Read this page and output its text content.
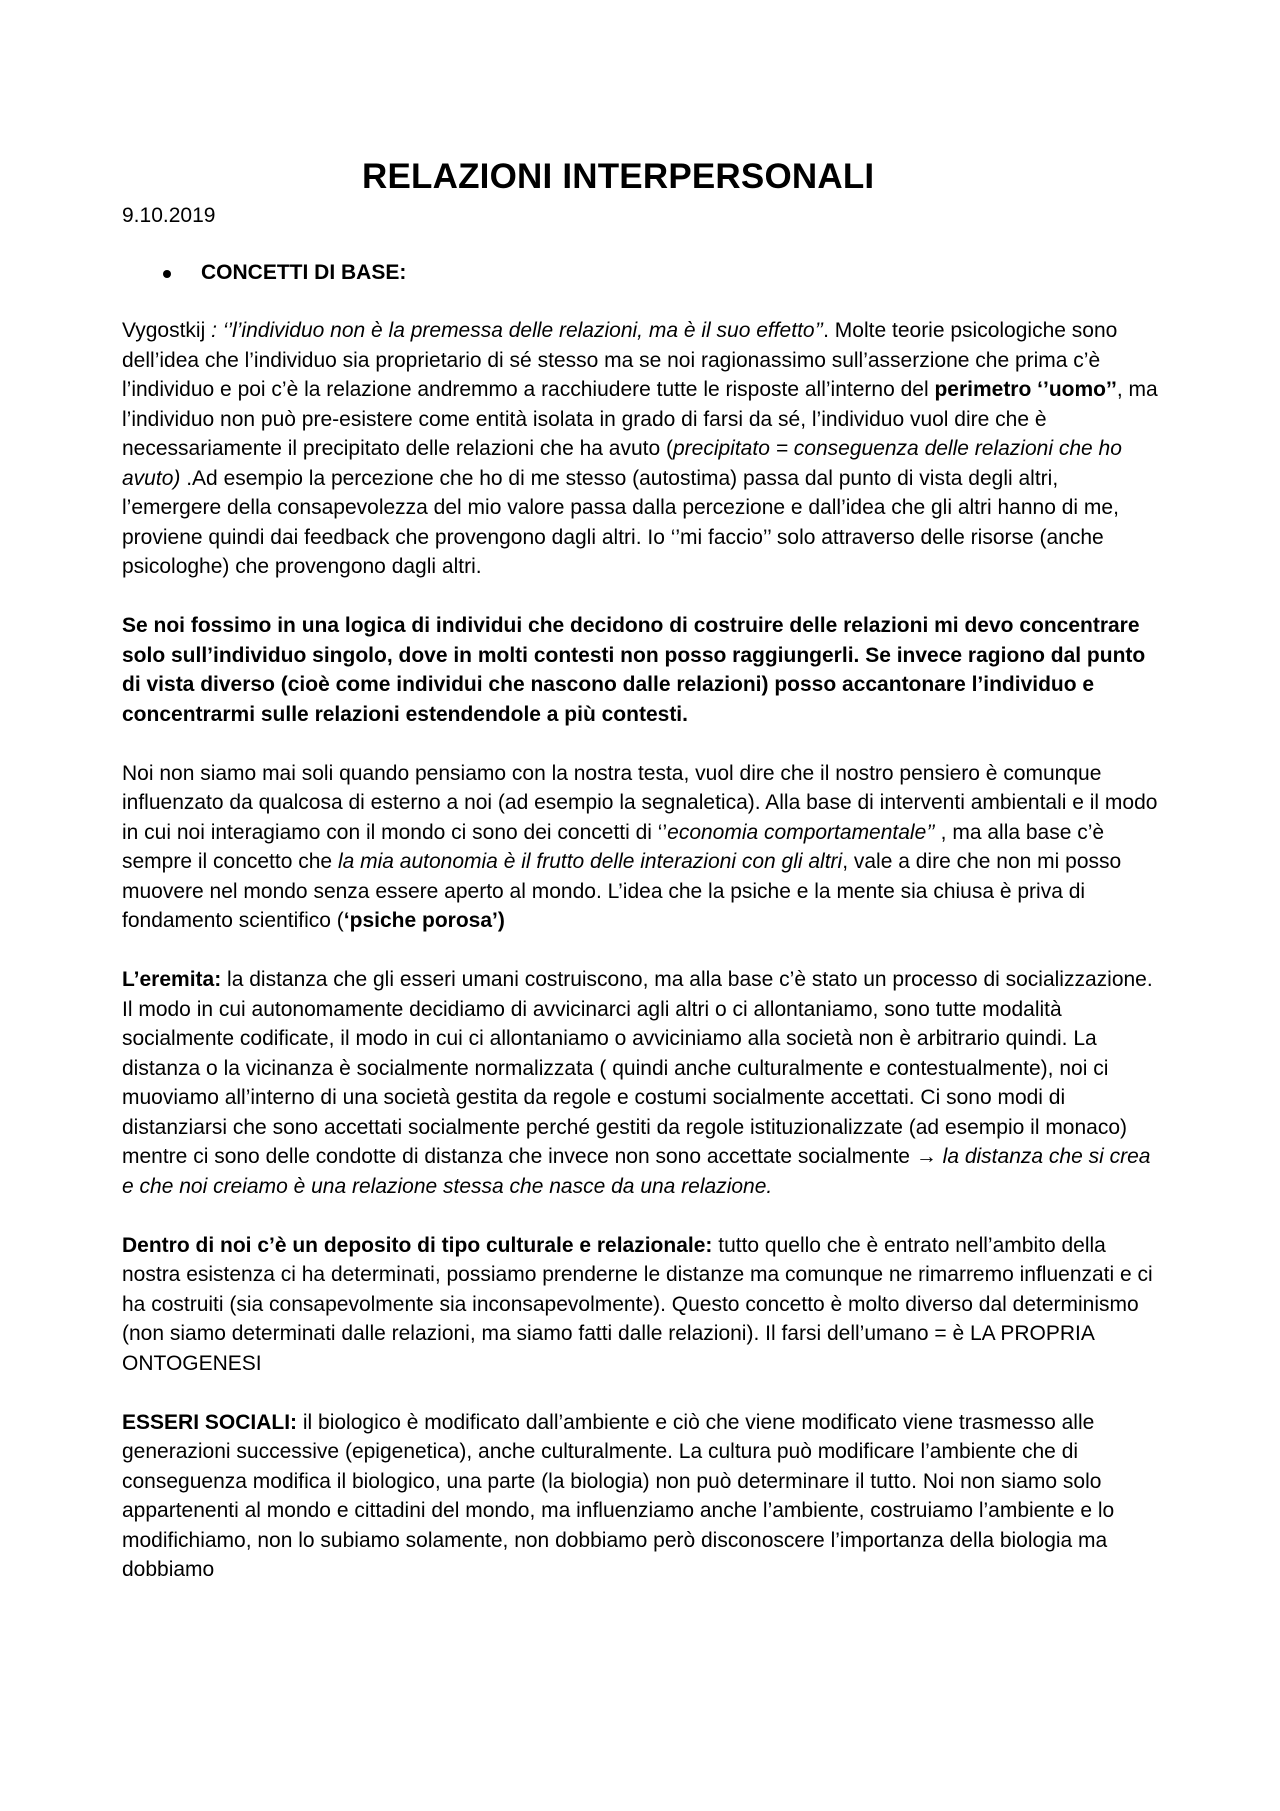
RELAZIONI INTERPERSONALI

9.10.2019

CONCETTI DI BASE:

Vygostkij : ‘’l’individuo non è la premessa delle relazioni, ma è il suo effetto’’. Molte teorie psicologiche sono dell’idea che l’individuo sia proprietario di sé stesso ma se noi ragionassimo sull’asserzione che prima c’è l’individuo e poi c’è la relazione andremmo a racchiudere tutte le risposte all’interno del perimetro ‘’uomo’’, ma l’individuo non può pre-esistere come entità isolata in grado di farsi da sé, l’individuo vuol dire che è necessariamente il precipitato delle relazioni che ha avuto (precipitato = conseguenza delle relazioni che ho avuto) .Ad esempio la percezione che ho di me stesso (autostima) passa dal punto di vista degli altri, l’emergere della consapevolezza del mio valore passa dalla percezione e dall’idea che gli altri hanno di me, proviene quindi dai feedback che provengono dagli altri. Io ‘’mi faccio’’ solo attraverso delle risorse (anche psicologhe) che provengono dagli altri.

Se noi fossimo in una logica di individui che decidono di costruire delle relazioni mi devo concentrare solo sull’individuo singolo, dove in molti contesti non posso raggiungerli. Se invece ragiono dal punto di vista diverso (cioè come individui che nascono dalle relazioni) posso accantonare l’individuo e concentrarmi sulle relazioni estendendole a più contesti.

Noi non siamo mai soli quando pensiamo con la nostra testa, vuol dire che il nostro pensiero è comunque influenzato da qualcosa di esterno a noi (ad esempio la segnaletica). Alla base di interventi ambientali e il modo in cui noi interagiamo con il mondo ci sono dei concetti di ‘’economia comportamentale’’ , ma alla base c’è sempre il concetto che la mia autonomia è il frutto delle interazioni con gli altri, vale a dire che non mi posso muovere nel mondo senza essere aperto al mondo. L’idea che la psiche e la mente sia chiusa è priva di fondamento scientifico (‘psiche porosa’)

L’eremita: la distanza che gli esseri umani costruiscono, ma alla base c’è stato un processo di socializzazione. Il modo in cui autonomamente decidiamo di avvicinarci agli altri o ci allontaniamo, sono tutte modalità socialmente codificate, il modo in cui ci allontaniamo o avviciniamo alla società non è arbitrario quindi. La distanza o la vicinanza è socialmente normalizzata ( quindi anche culturalmente e contestualmente), noi ci muoviamo all’interno di una società gestita da regole e costumi socialmente accettati. Ci sono modi di distanziarsi che sono accettati socialmente perché gestiti da regole istituzionalizzate (ad esempio il monaco) mentre ci sono delle condotte di distanza che invece non sono accettate socialmente → la distanza che si crea e che noi creiamo è una relazione stessa che nasce da una relazione.

Dentro di noi c’è un deposito di tipo culturale e relazionale: tutto quello che è entrato nell’ambito della nostra esistenza ci ha determinati, possiamo prenderne le distanze ma comunque ne rimarremo influenzati e ci ha costruiti (sia consapevolmente sia inconsapevolmente). Questo concetto è molto diverso dal determinismo (non siamo determinati dalle relazioni, ma siamo fatti dalle relazioni). Il farsi dell’umano = è LA PROPRIA ONTOGENESI

ESSERI SOCIALI: il biologico è modificato dall’ambiente e ciò che viene modificato viene trasmesso alle generazioni successive (epigenetica), anche culturalmente. La cultura può modificare l’ambiente che di conseguenza modifica il biologico, una parte (la biologia) non può determinare il tutto. Noi non siamo solo appartenenti al mondo e cittadini del mondo, ma influenziamo anche l’ambiente, costruiamo l’ambiente e lo modifichiamo, non lo subiamo solamente, non dobbiamo però disconoscere l’importanza della biologia ma dobbiamo
